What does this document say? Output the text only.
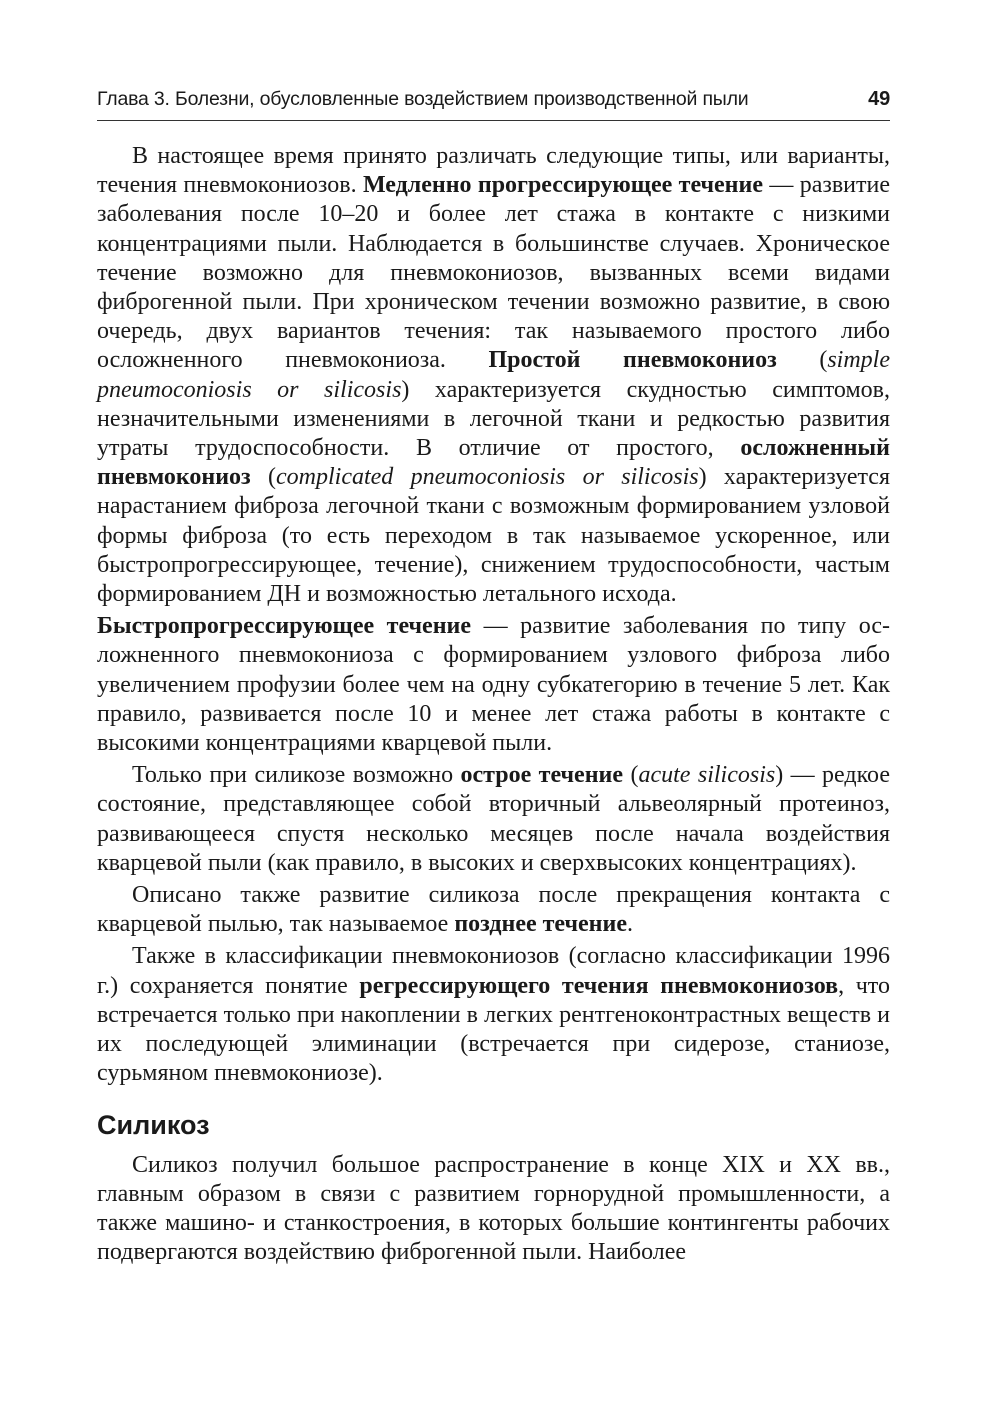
Глава 3. Болезни, обусловленные воздействием производственной пыли	49

В настоящее время принято различать следующие типы, или варианты, течения пневмокониозов. Медленно прогрессирующее течение — развитие заболевания после 10–20 и более лет стажа в контакте с низкими концентрациями пыли. Наблюдается в большинстве случаев. Хроническое течение возможно для пневмокониозов, вызванных всеми видами фиброгенной пыли. При хроническом течении возможно развитие, в свою очередь, двух вариантов течения: так называемого простого либо осложненного пневмокониоза. Простой пневмокониоз (simple pneumoconiosis or silicosis) характеризуется скудностью симптомов, незначительными изменениями в легочной ткани и редкостью развития утраты трудоспособности. В отличие от простого, осложненный пневмокониоз (complicated pneumoconiosis or silicosis) характеризуется нарастанием фиброза легочной ткани с возможным формированием узловой формы фиброза (то есть переходом в так называемое ускоренное, или быстропрогрессирующее, течение), снижением трудоспособности, частым формированием ДН и возможностью летального исхода.

Быстропрогрессирующее течение — развитие заболевания по типу осложненного пневмокониоза с формированием узлового фиброза либо увеличением профузии более чем на одну субкатегорию в течение 5 лет. Как правило, развивается после 10 и менее лет стажа работы в контакте с высокими концентрациями кварцевой пыли.

Только при силикозе возможно острое течение (acute silicosis) — редкое состояние, представляющее собой вторичный альвеолярный протеиноз, развивающееся спустя несколько месяцев после начала воздействия кварцевой пыли (как правило, в высоких и сверхвысоких концентрациях).

Описано также развитие силикоза после прекращения контакта с кварцевой пылью, так называемое позднее течение.

Также в классификации пневмокониозов (согласно классификации 1996 г.) сохраняется понятие регрессирующего течения пневмокониозов, что встречается только при накоплении в легких рентгеноконтрастных веществ и их последующей элиминации (встречается при сидерозе, станиозе, сурьмяном пневмокониозе).

Силикоз

Силикоз получил большое распространение в конце XIX и XX вв., главным образом в связи с развитием горнорудной промышленности, а также машино- и станкостроения, в которых большие контингенты рабочих подвергаются воздействию фиброгенной пыли. Наиболее
